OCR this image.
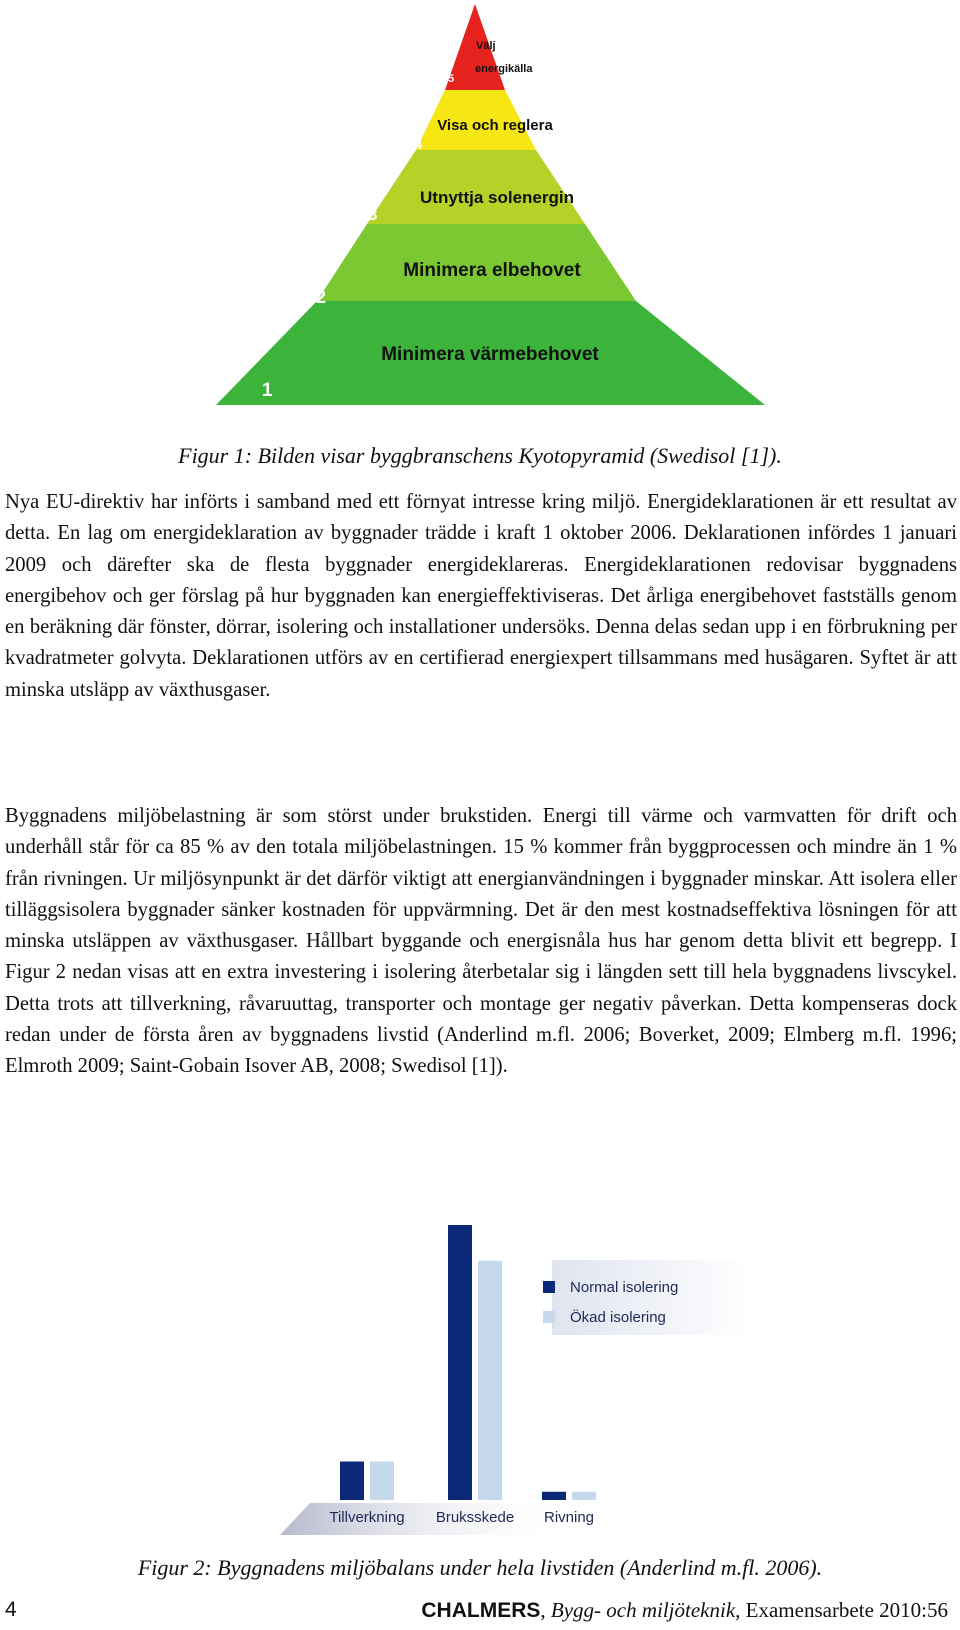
Minimera värmebehovet
1
Minimera elbehovet
2
Utnyttja solenergin
3
Visa och reglera
4
Välj
energikälla
5
Figur 1: Bilden visar byggbranschens Kyotopyramid (Swedisol [1]).

Nya EU-direktiv har införts i samband med ett förnyat intresse kring miljö. Energideklarationen är ett resultat av detta. En lag om energideklaration av byggnader trädde i kraft 1 oktober 2006. Deklarationen infördes 1 januari 2009 och därefter ska de flesta byggnader energideklareras. Energideklarationen redovisar byggnadens energibehov och ger förslag på hur byggnaden kan energieffektiviseras. Det årliga energibehovet fastställs genom en beräkning där fönster, dörrar, isolering och installationer undersöks. Denna delas sedan upp i en förbrukning per kvadratmeter golvyta. Deklarationen utförs av en certifierad energiexpert tillsammans med husägaren. Syftet är att minska utsläpp av växthusgaser.

Byggnadens miljöbelastning är som störst under brukstiden. Energi till värme och varmvatten för drift och underhåll står för ca 85 % av den totala miljöbelastningen. 15 % kommer från byggprocessen och mindre än 1 % från rivningen. Ur miljösynpunkt är det därför viktigt att energianvändningen i byggnader minskar. Att isolera eller tilläggsisolera byggnader sänker kostnaden för uppvärmning. Det är den mest kostnadseffektiva lösningen för att minska utsläppen av växthusgaser. Hållbart byggande och energisnåla hus har genom detta blivit ett begrepp. I Figur 2 nedan visas att en extra investering i isolering återbetalar sig i längden sett till hela byggnadens livscykel. Detta trots att tillverkning, råvaruuttag, transporter och montage ger negativ påverkan. Detta kompenseras dock redan under de första åren av byggnadens livstid (Anderlind m.fl. 2006; Boverket, 2009; Elmberg m.fl. 1996; Elmroth 2009; Saint-Gobain Isover AB, 2008; Swedisol [1]).

Tillverkning Bruksskede Rivning
Normal isolering
Ökad isolering
Figur 2: Byggnadens miljöbalans under hela livstiden (Anderlind m.fl. 2006).
4	CHALMERS, Bygg- och miljöteknik, Examensarbete 2010:56
